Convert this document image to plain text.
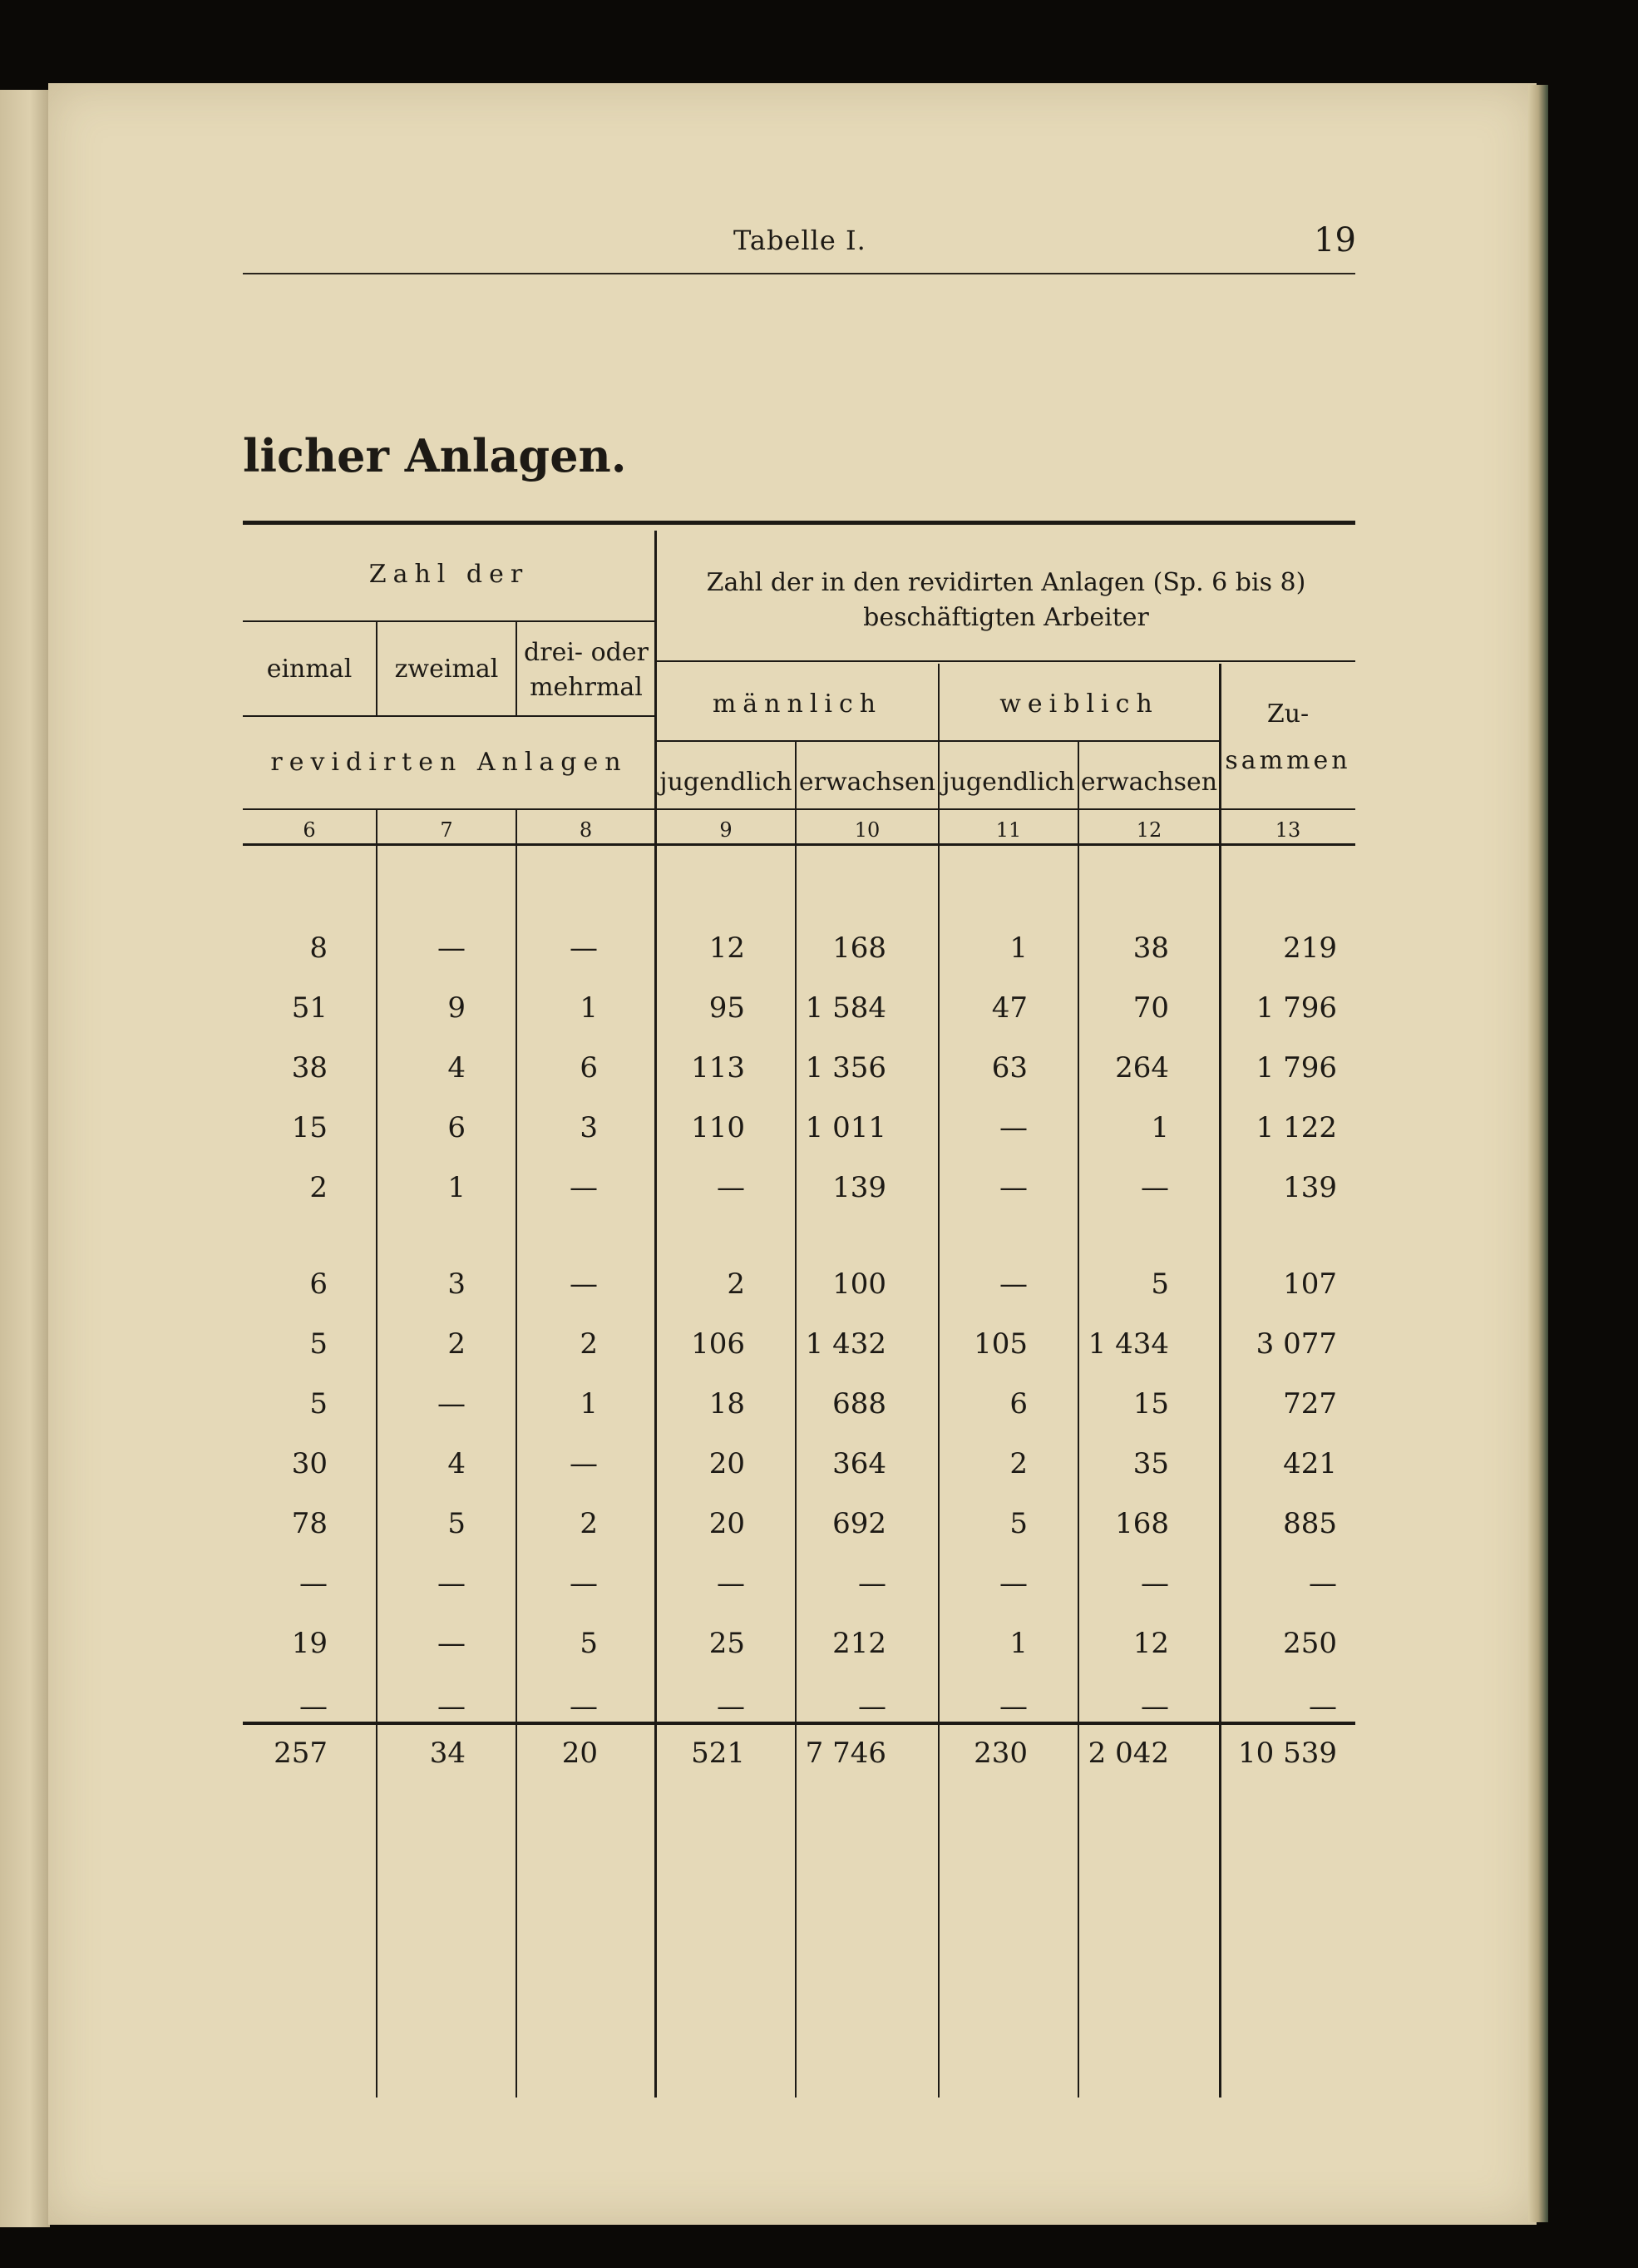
Tabelle I.	19
licher Anlagen.
Zahl der
einmal	zweimal
drei- oder
mehrmal
revidirten Anlagen
Zahl der in den revidirten Anlagen (Sp. 6 bis 8)
beschäftigten Arbeiter
männlich	weiblich	Zu-
sammen
jugendlich erwachsen jugendlich erwachsen
6	7	8	9	10	11	12	13
8	—	—	12	168	1	38	219
51	9	1	95	1 584	47	70	1 796
38	4	6	113	1 356	63	264	1 796
15	6	3	110	1 011	—	1	1 122
2	1	—	—	139	—	—	139
6	3	—	2	100	—	5	107
5	2	2	106	1 432	105	1 434	3 077
5	—	1	18	688	6	15	727
30	4	—	20	364	2	35	421
78	5	2	20	692	5	168	885
—	—	—	—	—	—	—	—
19	—	5	25	212	1	12	250
—	—	—	—	—	—	—	—
257	34	20	521	7 746	230	2 042	10 539
